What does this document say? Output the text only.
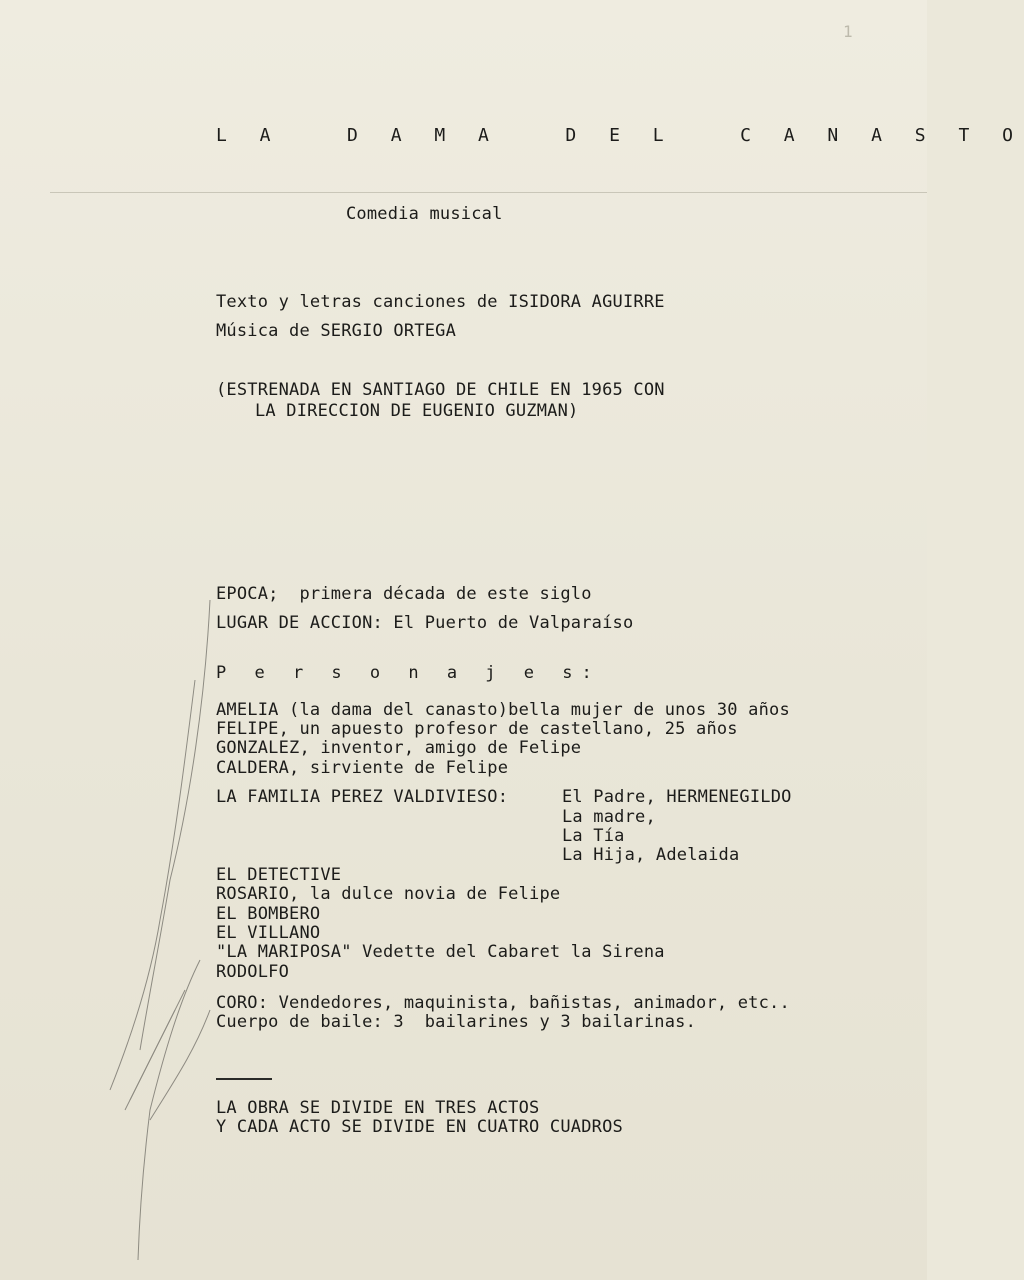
1
L A   D A M A   D E L   C A N A S T O
Comedia musical
Texto y letras canciones de ISIDORA AGUIRRE
Música de SERGIO ORTEGA
(ESTRENADA EN SANTIAGO DE CHILE EN 1965 CON
LA DIRECCION DE EUGENIO GUZMAN)
EPOCA;  primera década de este siglo
LUGAR DE ACCION: El Puerto de Valparaíso
P e r s o n a j e s:
AMELIA (la dama del canasto)bella mujer de unos 30 años
FELIPE, un apuesto profesor de castellano, 25 años
GONZALEZ, inventor, amigo de Felipe
CALDERA, sirviente de Felipe
LA FAMILIA PEREZ VALDIVIESO:	El Padre, HERMENEGILDO
La madre,
La Tía
La Hija, Adelaida
EL DETECTIVE
ROSARIO, la dulce novia de Felipe
EL BOMBERO
EL VILLANO
"LA MARIPOSA" Vedette del Cabaret la Sirena
RODOLFO
CORO: Vendedores, maquinista, bañistas, animador, etc..
Cuerpo de baile: 3  bailarines y 3 bailarinas.
LA OBRA SE DIVIDE EN TRES ACTOS
Y CADA ACTO SE DIVIDE EN CUATRO CUADROS
